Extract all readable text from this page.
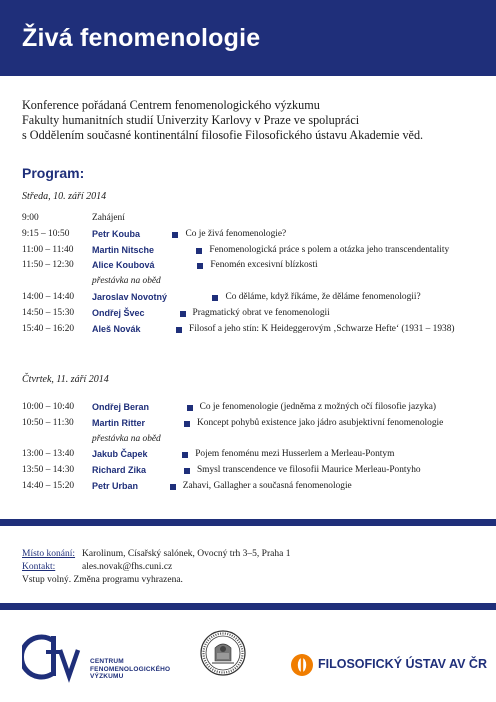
Živá fenomenologie
Konference pořádaná Centrem fenomenologického výzkumu
Fakulty humanitních studií Univerzity Karlovy v Praze ve spolupráci
s Oddělením současné kontinentální filosofie Filosofického ústavu Akademie věd.
Program:
Středa, 10. září 2014
9:00	Zahájení
9:15 – 10:50	Petr Kouba	Co je živá fenomenologie?
11:00 – 11:40	Martin Nitsche	Fenomenologická práce s polem a otázka jeho transcendentality
11:50 – 12:30	Alice Koubová	Fenomén excesivní blízkosti
přestávka na oběd
14:00 – 14:40	Jaroslav Novotný	Co děláme, když říkáme, že děláme fenomenologii?
14:50 – 15:30	Ondřej Švec	Pragmatický obrat ve fenomenologii
15:40 – 16:20	Aleš Novák	Filosof a jeho stín: K Heideggerovým ‚Schwarze Hefte‘ (1931 – 1938)
Čtvrtek, 11. září 2014
10:00 – 10:40	Ondřej Beran	Co je fenomenologie (jedněma z možných očí filosofie jazyka)
10:50 – 11:30	Martin Ritter	Koncept pohybů existence jako jádro asubjektivní fenomenologie
přestávka na oběd
13:00 – 13:40	Jakub Čapek	Pojem fenoménu mezi Husserlem a Merleau-Pontym
13:50 – 14:30	Richard Zika	Smysl transcendence ve filosofii Maurice Merleau-Pontyho
14:40 – 15:20	Petr Urban	Zahavi, Gallagher a současná fenomenologie
Místo konání: Karolinum, Císařský salónek, Ovocný trh 3–5, Praha 1
Kontakt:	ales.novak@fhs.cuni.cz
Vstup volný. Změna programu vyhrazena.
CENTRUM
FENOMENOLOGICKÉHO
VÝZKUMU
FILOSOFICKÝ ÚSTAV AV ČR
